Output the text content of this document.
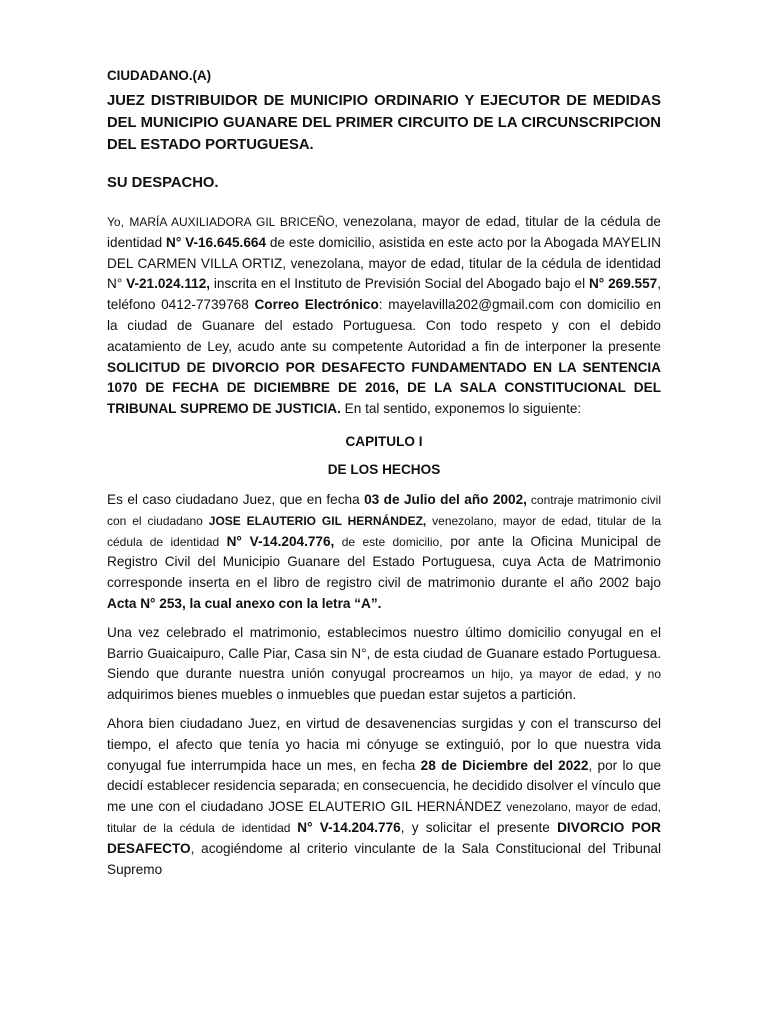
CIUDADANO.(A)
JUEZ DISTRIBUIDOR DE MUNICIPIO ORDINARIO Y EJECUTOR DE MEDIDAS DEL MUNICIPIO GUANARE DEL PRIMER CIRCUITO DE LA CIRCUNSCRIPCION DEL ESTADO PORTUGUESA.
SU DESPACHO.

Yo, MARÍA AUXILIADORA GIL BRICEÑO, venezolana, mayor de edad, titular de la cédula de identidad N° V-16.645.664 de este domicilio, asistida en este acto por la Abogada MAYELIN DEL CARMEN VILLA ORTIZ, venezolana, mayor de edad, titular de la cédula de identidad N° V-21.024.112, inscrita en el Instituto de Previsión Social del Abogado bajo el N° 269.557, teléfono 0412-7739768 Correo Electrónico: mayelavilla202@gmail.com con domicilio en la ciudad de Guanare del estado Portuguesa. Con todo respeto y con el debido acatamiento de Ley, acudo ante su competente Autoridad a fin de interponer la presente SOLICITUD DE DIVORCIO POR DESAFECTO FUNDAMENTADO EN LA SENTENCIA 1070 DE FECHA DE DICIEMBRE DE 2016, DE LA SALA CONSTITUCIONAL DEL TRIBUNAL SUPREMO DE JUSTICIA. En tal sentido, exponemos lo siguiente:

CAPITULO I
DE LOS HECHOS

Es el caso ciudadano Juez, que en fecha 03 de Julio del año 2002, contraje matrimonio civil con el ciudadano JOSE ELAUTERIO GIL HERNÁNDEZ, venezolano, mayor de edad, titular de la cédula de identidad N° V-14.204.776, de este domicilio, por ante la Oficina Municipal de Registro Civil del Municipio Guanare del Estado Portuguesa, cuya Acta de Matrimonio corresponde inserta en el libro de registro civil de matrimonio durante el año 2002 bajo Acta N° 253, la cual anexo con la letra “A”.

Una vez celebrado el matrimonio, establecimos nuestro último domicilio conyugal en el Barrio Guaicaipuro, Calle Piar, Casa sin N°, de esta ciudad de Guanare estado Portuguesa. Siendo que durante nuestra unión conyugal procreamos un hijo, ya mayor de edad, y no adquirimos bienes muebles o inmuebles que puedan estar sujetos a partición.

Ahora bien ciudadano Juez, en virtud de desavenencias surgidas y con el transcurso del tiempo, el afecto que tenía yo hacia mi cónyuge se extinguió, por lo que nuestra vida conyugal fue interrumpida hace un mes, en fecha 28 de Diciembre del 2022, por lo que decidí establecer residencia separada; en consecuencia, he decidido disolver el vínculo que me une con el ciudadano JOSE ELAUTERIO GIL HERNÁNDEZ venezolano, mayor de edad, titular de la cédula de identidad N° V-14.204.776, y solicitar el presente DIVORCIO POR DESAFECTO, acogiéndome al criterio vinculante de la Sala Constitucional del Tribunal Supremo
